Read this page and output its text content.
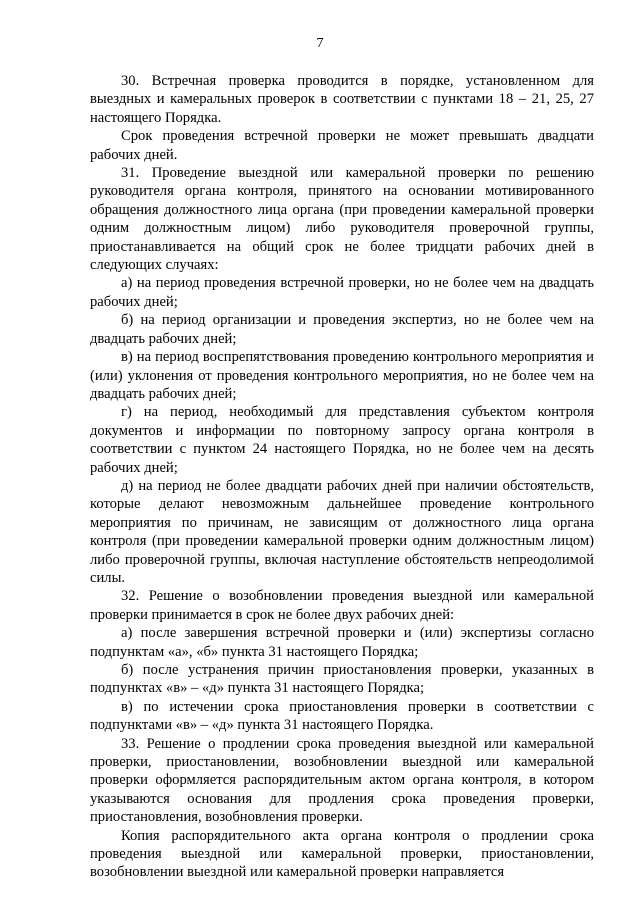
7

30. Встречная проверка проводится в порядке, установленном для выездных и камеральных проверок в соответствии с пунктами 18 – 21, 25, 27 настоящего Порядка.

Срок проведения встречной проверки не может превышать двадцати рабочих дней.

31. Проведение выездной или камеральной проверки по решению руководителя органа контроля, принятого на основании мотивированного обращения должностного лица органа (при проведении камеральной проверки одним должностным лицом) либо руководителя проверочной группы, приостанавливается на общий срок не более тридцати рабочих дней в следующих случаях:

а) на период проведения встречной проверки, но не более чем на двадцать рабочих дней;

б) на период организации и проведения экспертиз, но не более чем на двадцать рабочих дней;

в) на период воспрепятствования проведению контрольного мероприятия и (или) уклонения от проведения контрольного мероприятия, но не более чем на двадцать рабочих дней;

г) на период, необходимый для представления субъектом контроля документов и информации по повторному запросу органа контроля в соответствии с пунктом 24 настоящего Порядка, но не более чем на десять рабочих дней;

д) на период не более двадцати рабочих дней при наличии обстоятельств, которые делают невозможным дальнейшее проведение контрольного мероприятия по причинам, не зависящим от должностного лица органа контроля (при проведении камеральной проверки одним должностным лицом) либо проверочной группы, включая наступление обстоятельств непреодолимой силы.

32. Решение о возобновлении проведения выездной или камеральной проверки принимается в срок не более двух рабочих дней:

а) после завершения встречной проверки и (или) экспертизы согласно подпунктам «а», «б» пункта 31 настоящего Порядка;

б) после устранения причин приостановления проверки, указанных в подпунктах «в» – «д» пункта 31 настоящего Порядка;

в) по истечении срока приостановления проверки в соответствии с подпунктами «в» – «д» пункта 31 настоящего Порядка.

33. Решение о продлении срока проведения выездной или камеральной проверки, приостановлении, возобновлении выездной или камеральной проверки оформляется распорядительным актом органа контроля, в котором указываются основания для продления срока проведения проверки, приостановления, возобновления проверки.

Копия распорядительного акта органа контроля о продлении срока проведения выездной или камеральной проверки, приостановлении, возобновлении выездной или камеральной проверки направляется
